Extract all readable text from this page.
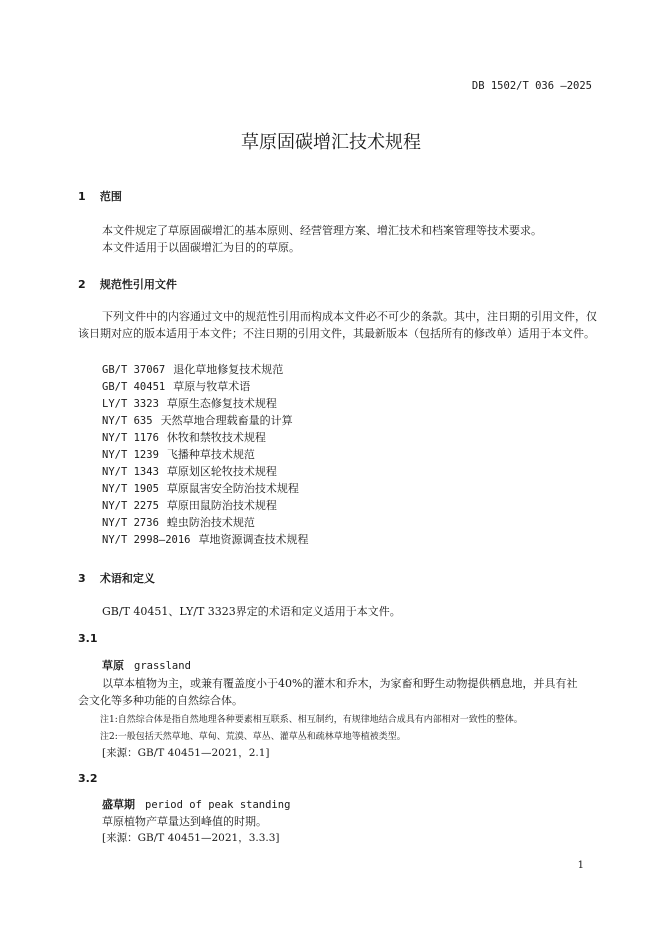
DB 1502/T 036 —2025
草原固碳增汇技术规程
1 范围
本文件规定了草原固碳增汇的基本原则、经营管理方案、增汇技术和档案管理等技术要求。
本文件适用于以固碳增汇为目的的草原。
2 规范性引用文件
下列文件中的内容通过文中的规范性引用而构成本文件必不可少的条款。其中，注日期的引用文件，仅该日期对应的版本适用于本文件；不注日期的引用文件，其最新版本（包括所有的修改单）适用于本文件。
GB/T 37067 退化草地修复技术规范
GB/T 40451 草原与牧草术语
LY/T 3323 草原生态修复技术规程
NY/T 635 天然草地合理载畜量的计算
NY/T 1176 休牧和禁牧技术规程
NY/T 1239 飞播种草技术规范
NY/T 1343 草原划区轮牧技术规程
NY/T 1905 草原鼠害安全防治技术规程
NY/T 2275 草原田鼠防治技术规程
NY/T 2736 蝗虫防治技术规范
NY/T 2998—2016 草地资源调查技术规程
3 术语和定义
GB/T 40451、LY/T 3323界定的术语和定义适用于本文件。
3.1
草原 grassland
以草本植物为主，或兼有覆盖度小于40%的灌木和乔木，为家畜和野生动物提供栖息地，并具有社
会文化等多种功能的自然综合体。
注1:自然综合体是指自然地理各种要素相互联系、相互制约，有规律地结合成具有内部相对一致性的整体。
注2:一般包括天然草地、草甸、荒漠、草丛、灌草丛和疏林草地等植被类型。
[来源：GB/T 40451—2021，2.1]
3.2
盛草期 period of peak standing
草原植物产草量达到峰值的时期。
[来源：GB/T 40451—2021，3.3.3]
1
